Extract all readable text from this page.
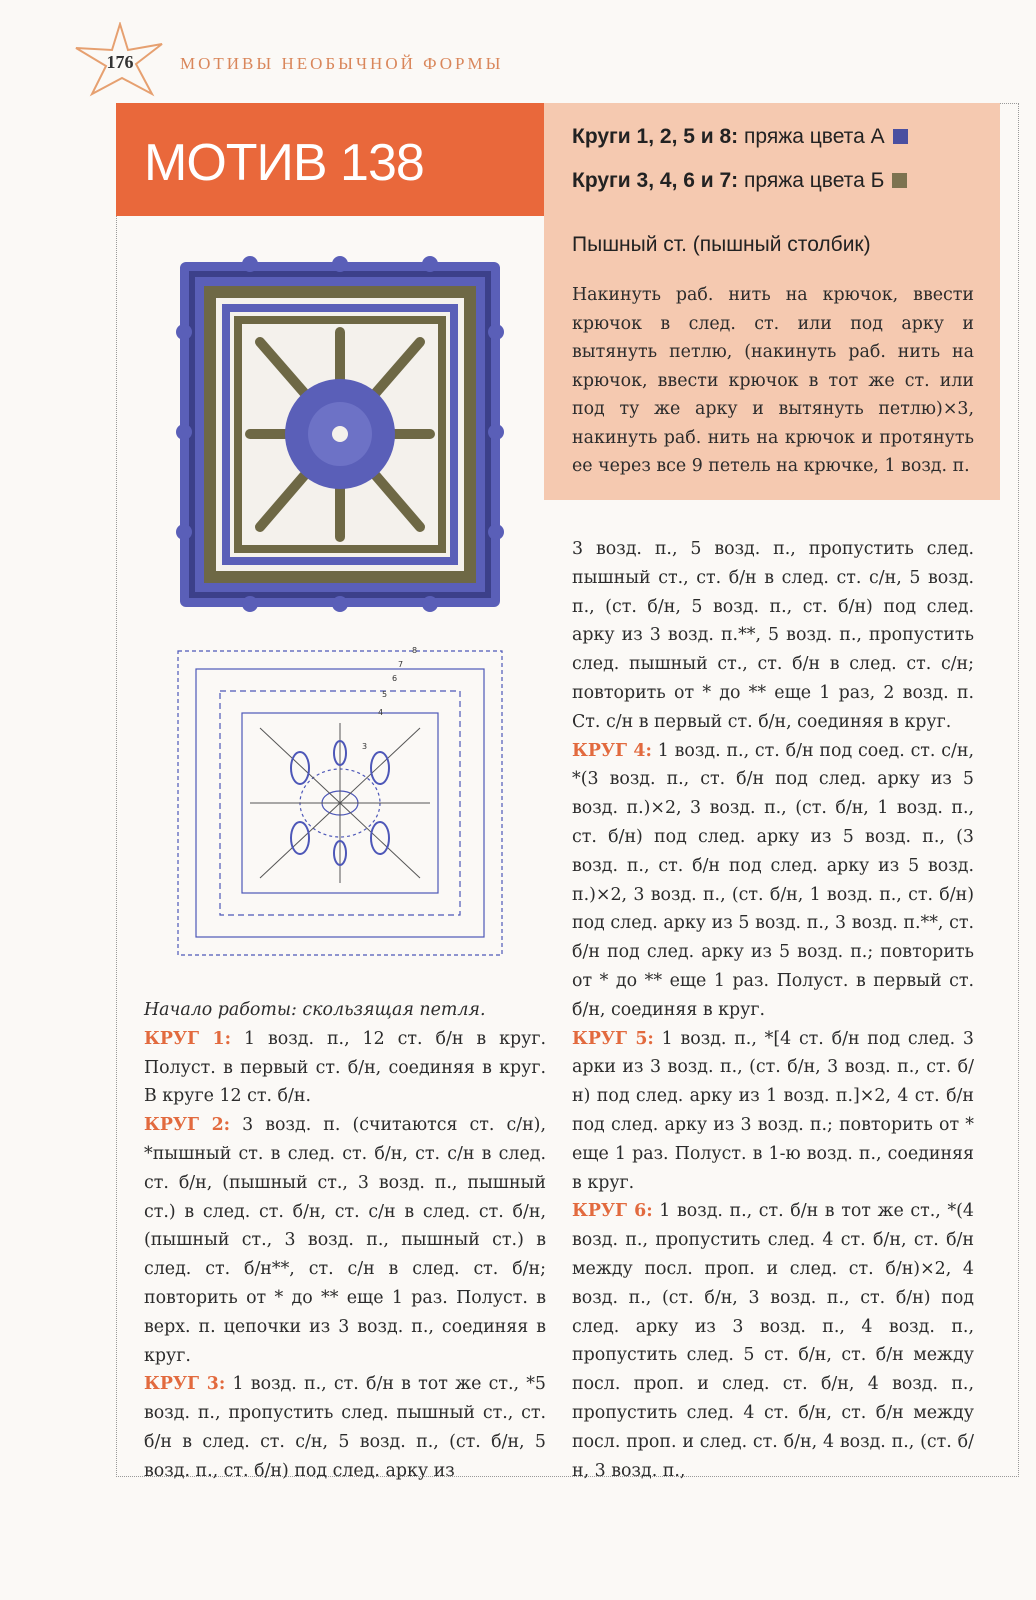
176	МОТИВЫ НЕОБЫЧНОЙ ФОРМЫ
МОТИВ 138	Круги 1, 2, 5 и 8: пряжа цвета А
Круги 3, 4, 6 и 7: пряжа цвета Б
Пышный ст. (пышный столбик)
Накинуть раб. нить на крючок, ввести крючок в след. ст. или под арку и вытянуть петлю, (накинуть раб. нить на крючок, ввести крючок в тот же ст. или под ту же арку и вытянуть петлю)×3, накинуть раб. нить на крючок и протянуть ее через все 9 петель на крючке, 1 возд. п.
3
4
5
6
7
8

Начало работы: скользящая петля.

КРУГ 1: 1 возд. п., 12 ст. б/н в круг. Полуст. в первый ст. б/н, соединяя в круг. В круге 12 ст. б/н.

КРУГ 2: 3 возд. п. (считаются ст. с/н), *пышный ст. в след. ст. б/н, ст. с/н в след. ст. б/н, (пышный ст., 3 возд. п., пышный ст.) в след. ст. б/н, ст. с/н в след. ст. б/н, (пышный ст., 3 возд. п., пышный ст.) в след. ст. б/н**, ст. с/н в след. ст. б/н; повторить от * до ** еще 1 раз. Полуст. в верх. п. цепочки из 3 возд. п., соединяя в круг.

КРУГ 3: 1 возд. п., ст. б/н в тот же ст., *5 возд. п., пропустить след. пышный ст., ст. б/н в след. ст. с/н, 5 возд. п., (ст. б/н, 5 возд. п., ст. б/н) под след. арку из

3 возд. п., 5 возд. п., пропустить след. пышный ст., ст. б/н в след. ст. с/н, 5 возд. п., (ст. б/н, 5 возд. п., ст. б/н) под след. арку из 3 возд. п.**, 5 возд. п., пропустить след. пышный ст., ст. б/н в след. ст. с/н; повторить от * до ** еще 1 раз, 2 возд. п. Ст. с/н в первый ст. б/н, соединяя в круг.

КРУГ 4: 1 возд. п., ст. б/н под соед. ст. с/н, *(3 возд. п., ст. б/н под след. арку из 5 возд. п.)×2, 3 возд. п., (ст. б/н, 1 возд. п., ст. б/н) под след. арку из 5 возд. п., (3 возд. п., ст. б/н под след. арку из 5 возд. п.)×2, 3 возд. п., (ст. б/н, 1 возд. п., ст. б/н) под след. арку из 5 возд. п., 3 возд. п.**, ст. б/н под след. арку из 5 возд. п.; повторить от * до ** еще 1 раз. Полуст. в первый ст. б/н, соединяя в круг.

КРУГ 5: 1 возд. п., *[4 ст. б/н под след. 3 арки из 3 возд. п., (ст. б/н, 3 возд. п., ст. б/н) под след. арку из 1 возд. п.]×2, 4 ст. б/н под след. арку из 3 возд. п.; повторить от * еще 1 раз. Полуст. в 1-ю возд. п., соединяя в круг.

КРУГ 6: 1 возд. п., ст. б/н в тот же ст., *(4 возд. п., пропустить след. 4 ст. б/н, ст. б/н между посл. проп. и след. ст. б/н)×2, 4 возд. п., (ст. б/н, 3 возд. п., ст. б/н) под след. арку из 3 возд. п., 4 возд. п., пропустить след. 5 ст. б/н, ст. б/н между посл. проп. и след. ст. б/н, 4 возд. п., пропустить след. 4 ст. б/н, ст. б/н между посл. проп. и след. ст. б/н, 4 возд. п., (ст. б/н, 3 возд. п.,
